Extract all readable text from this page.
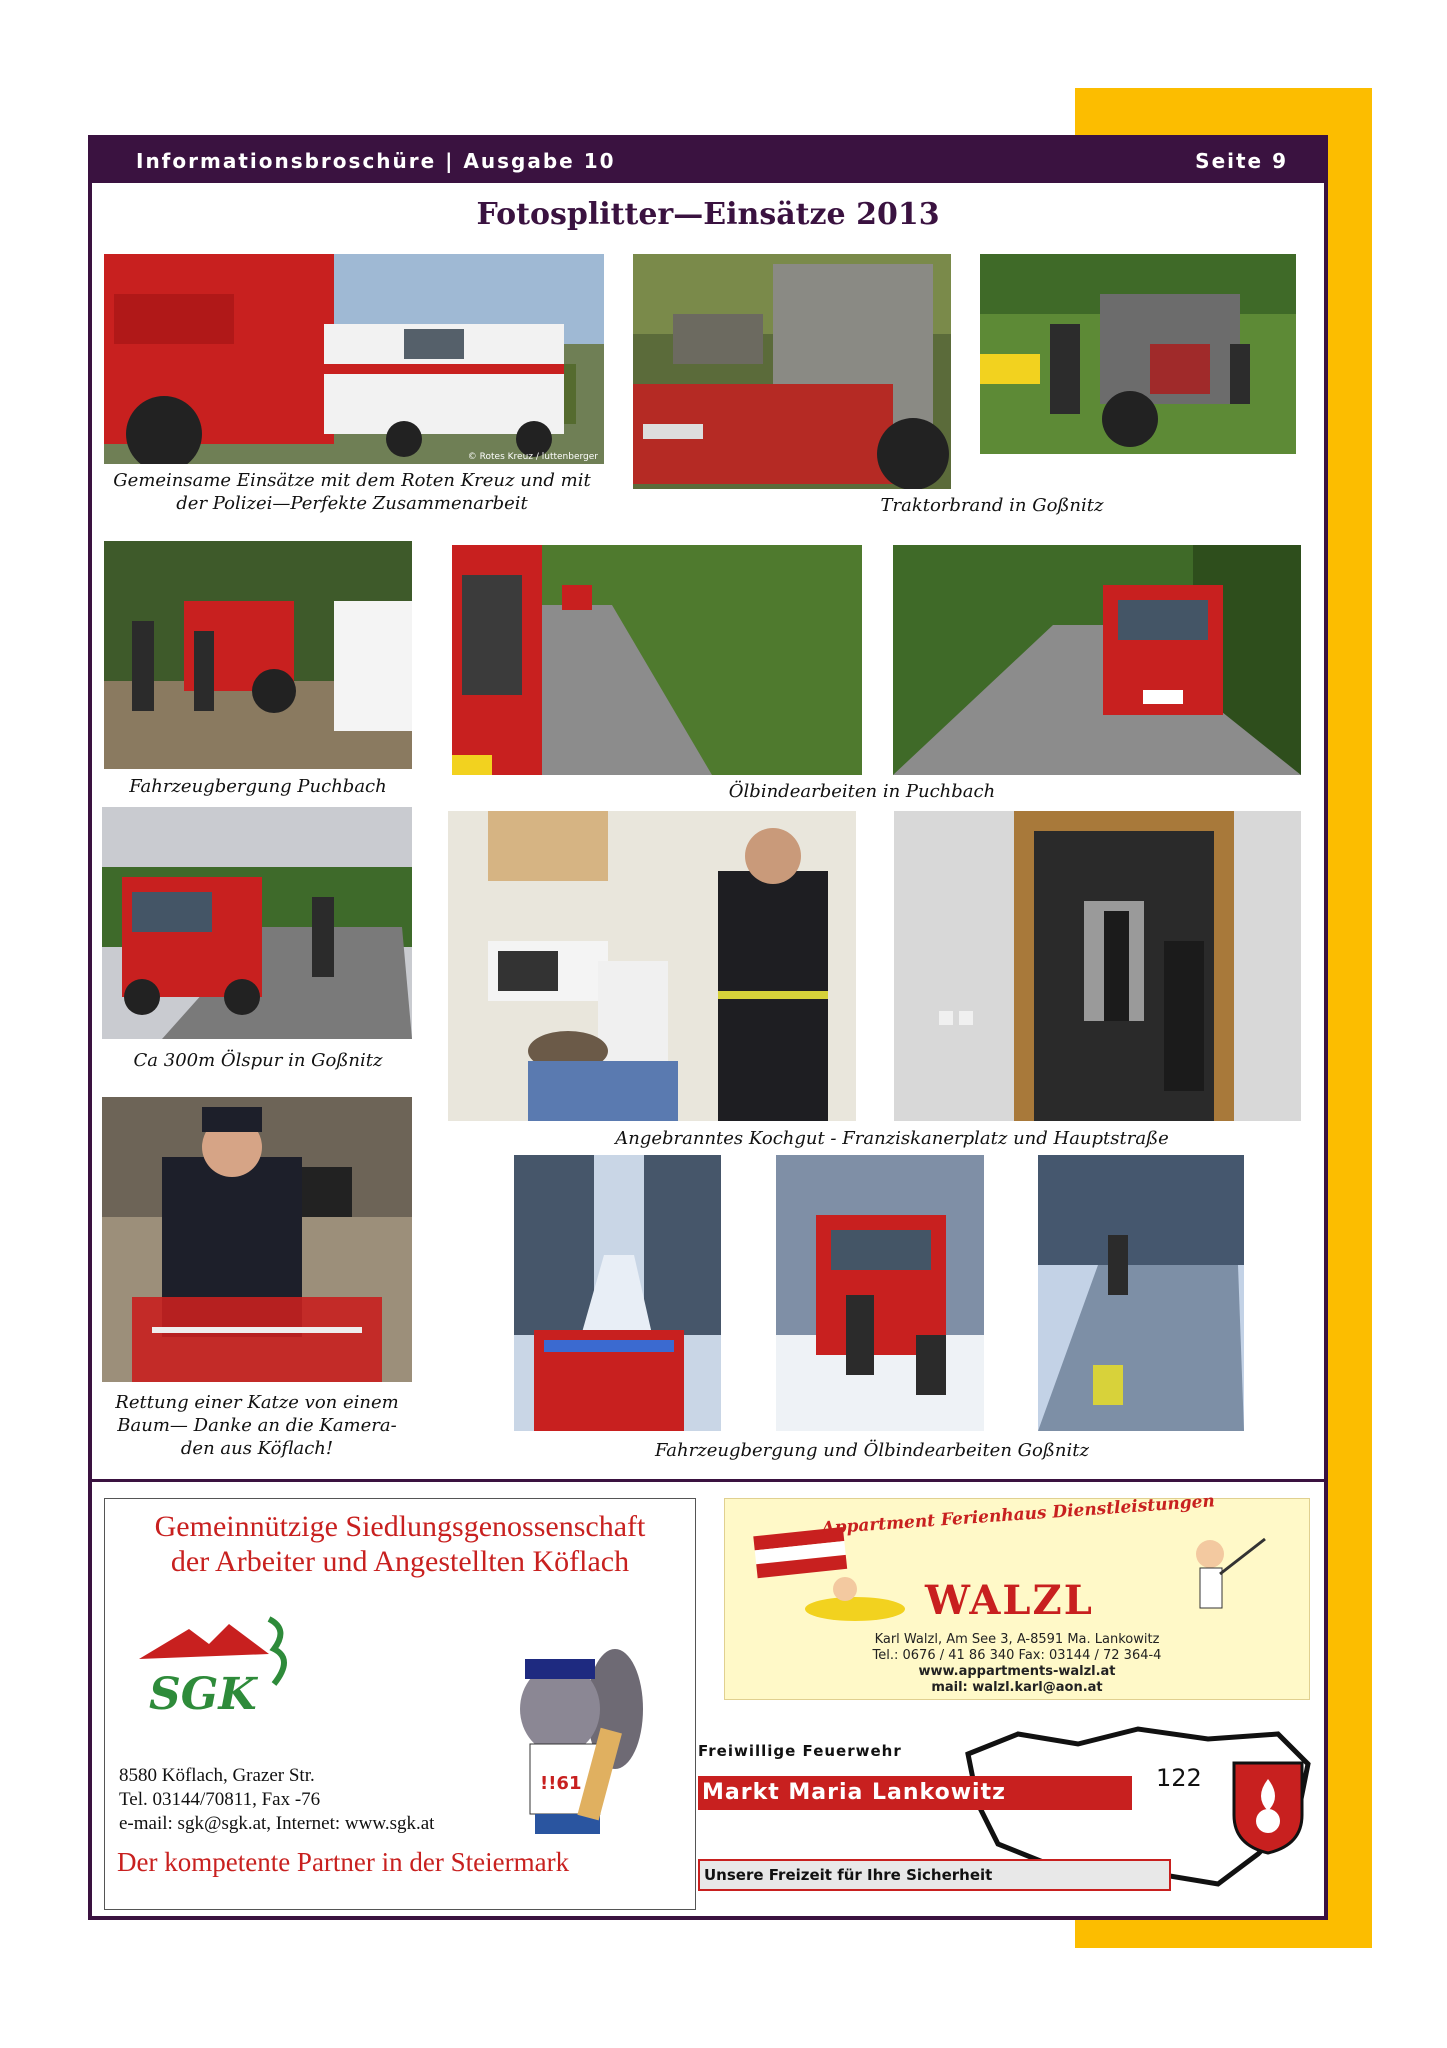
Informationsbroschüre | Ausgabe 10	Seite 9
Fotosplitter—Einsätze 2013
© Rotes Kreuz / luttenberger
Gemeinsame Einsätze mit dem Roten Kreuz und mit der Polizei—Perfekte Zusammenarbeit	Traktorbrand in Goßnitz
Fahrzeugbergung Puchbach	Ölbindearbeiten in Puchbach
Ca 300m Ölspur in Goßnitz
Angebranntes Kochgut - Franziskanerplatz und Hauptstraße
Rettung einer Katze von einem
Baum— Danke an die Kamera-
den aus Köflach!	Fahrzeugbergung und Ölbindearbeiten Goßnitz
Gemeinnützige Siedlungsgenossenschaft
der Arbeiter und Angestellten Köflach
SGK
!!61
8580 Köflach, Grazer Str.
Tel. 03144/70811, Fax -76
e-mail: sgk@sgk.at, Internet: www.sgk.at
Der kompetente Partner in der Steiermark
Appartment Ferienhaus Dienstleistungen
WALZL
Karl Walzl, Am See 3, A-8591 Ma. Lankowitz
Tel.: 0676 / 41 86 340 Fax: 03144 / 72 364-4
www.appartments-walzl.at
mail: walzl.karl@aon.at
Freiwillige Feuerwehr
Markt Maria Lankowitz
122
Unsere Freizeit für Ihre Sicherheit
